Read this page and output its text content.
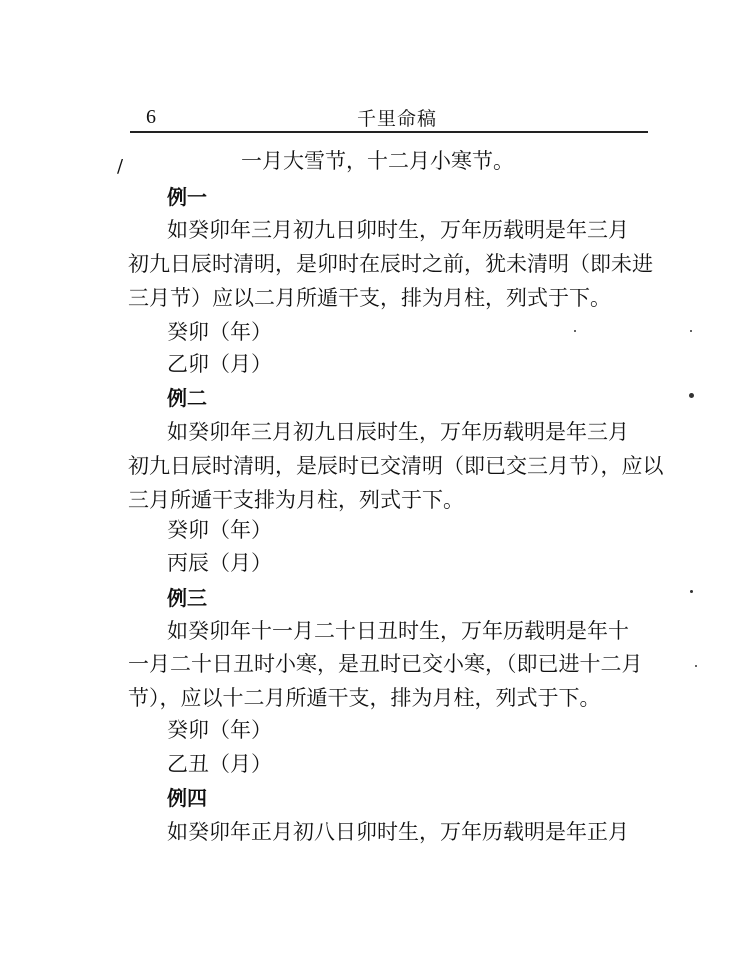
6	千里命稿
/	一月大雪节，十二月小寒节。
例一
如癸卯年三月初九日卯时生，万年历载明是年三月
初九日辰时清明，是卯时在辰时之前，犹未清明（即未进
三月节）应以二月所遁干支，排为月柱，列式于下。
癸卯（年）
乙卯（月）
例二
如癸卯年三月初九日辰时生，万年历载明是年三月
初九日辰时清明，是辰时已交清明（即已交三月节），应以
三月所遁干支排为月柱，列式于下。
癸卯（年）
丙辰（月）
例三
如癸卯年十一月二十日丑时生，万年历载明是年十
一月二十日丑时小寒，是丑时已交小寒，（即已进十二月
节），应以十二月所遁干支，排为月柱，列式于下。
癸卯（年）
乙丑（月）
例四
如癸卯年正月初八日卯时生，万年历载明是年正月
